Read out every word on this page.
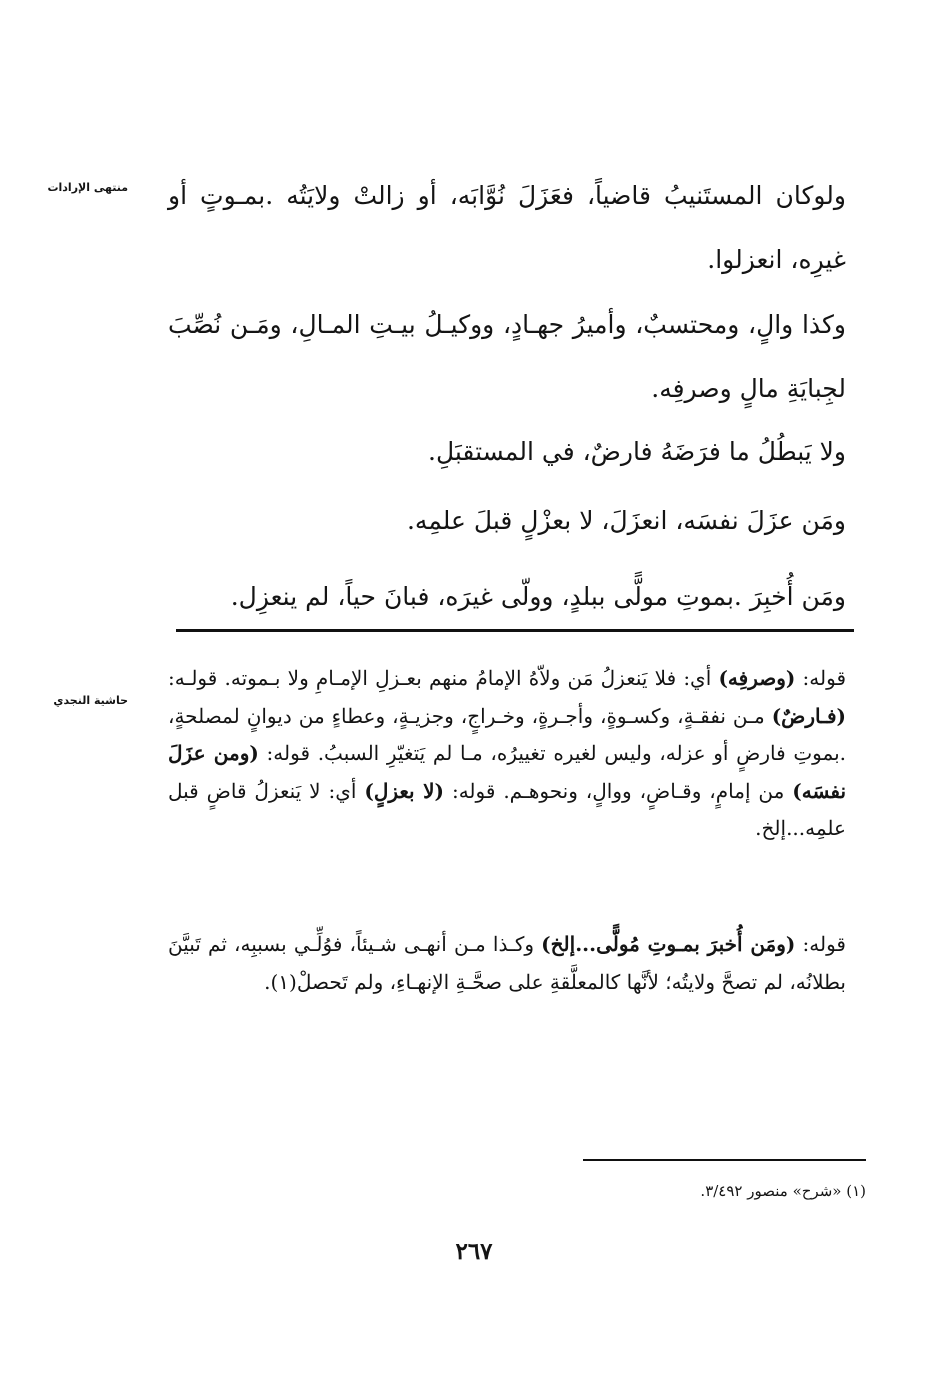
منتهى الإرادات ولوكان المستَنيبُ قاضياً، فعَزَلَ نُوَّابَه، أو زالتْ ولايَتُه .بمـوتٍ أو غيرِه، انعزلوا.

وكذا والٍ، ومحتسبٌ، وأميرُ جهـادٍ، ووكيـلُ بيـتِ المـالِ، ومَـن نُصِّبَ لجِبايَةِ مالٍ وصرفِه.

ولا يَبطُلُ ما فرَضَهُ فارضٌ، في المستقبَلِ.

ومَن عزَلَ نفسَه، انعزَلَ، لا بعزْلٍ قبلَ علمِه.

ومَن أُخبِرَ .بموتِ مولًّى ببلدٍ، وولّى غيرَه، فبانَ حياً، لم ينعزِل.

حاشية النجدي

قوله: (وصرفِه) أي: فلا يَنعزلُ مَن ولاّهُ الإمامُ منهم بعـزلِ الإمـامِ ولا بـموته. قولـه: (فـارضٌ) مـن نفقـةٍ، وكسـوةٍ، وأجـرةٍ، وخـراجٍ، وجزيـةٍ، وعطاءٍ من ديوانٍ لمصلحةٍ، .بموتِ فارضٍ أو عزله، وليس لغيره تغييرُه، مـا لم يَتغيّرِ السببُ. قوله: (ومن عزَلَ نفسَه) من إمامٍ، وقـاضٍ، ووالٍ، ونحوهـم. قوله: (لا بعزلٍ) أي: لا يَنعزلُ قاضٍ قبل علمِه...إلخ.

قوله: (ومَن أُخبرَ بمـوتِ مُولًّى...إلخ) وكـذا مـن أنهـى شـيئاً، فوُلِّـي بسببِه، ثم تَبيَّنَ بطلانُه، لم تصحَّ ولايتُه؛ لأنَّها كالمعلَّقةِ على صحَّـةِ الإنهـاءِ، ولم تَحصلْ(١).

(١) «شرح» منصور ٣/٤٩٢.
٢٦٧
